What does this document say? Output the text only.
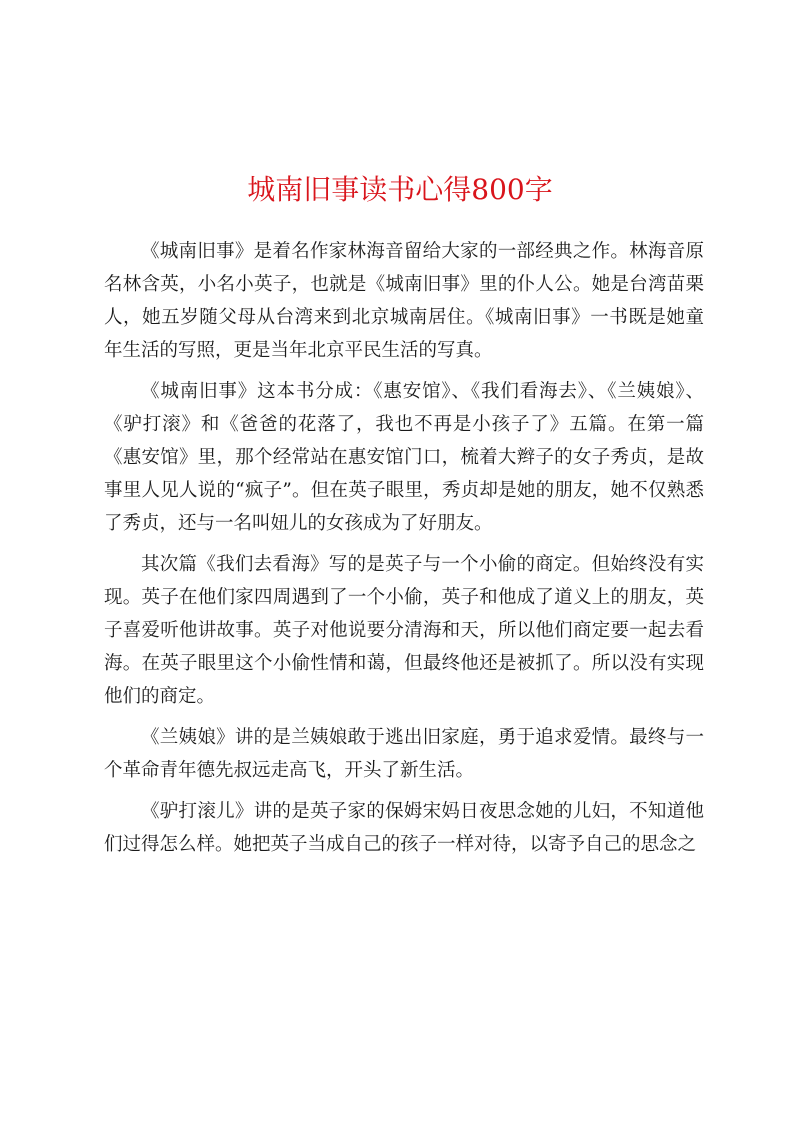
城南旧事读书心得800字

《城南旧事》是着名作家林海音留给大家的一部经典之作。林海音原名林含英，小名小英子，也就是《城南旧事》里的仆人公。她是台湾苗栗人，她五岁随父母从台湾来到北京城南居住。《城南旧事》一书既是她童年生活的写照，更是当年北京平民生活的写真。

《城南旧事》这本书分成：《惠安馆》、《我们看海去》、《兰姨娘》、《驴打滚》和《爸爸的花落了，我也不再是小孩子了》五篇。在第一篇《惠安馆》里，那个经常站在惠安馆门口，梳着大辫子的女子秀贞，是故事里人见人说的“疯子”。但在英子眼里，秀贞却是她的朋友，她不仅熟悉了秀贞，还与一名叫妞儿的女孩成为了好朋友。

其次篇《我们去看海》写的是英子与一个小偷的商定。但始终没有实现。英子在他们家四周遇到了一个小偷，英子和他成了道义上的朋友，英子喜爱听他讲故事。英子对他说要分清海和天，所以他们商定要一起去看海。在英子眼里这个小偷性情和蔼，但最终他还是被抓了。所以没有实现他们的商定。

《兰姨娘》讲的是兰姨娘敢于逃出旧家庭，勇于追求爱情。最终与一个革命青年德先叔远走高飞，开头了新生活。

《驴打滚儿》讲的是英子家的保姆宋妈日夜思念她的儿妇，不知道他们过得怎么样。她把英子当成自己的孩子一样对待，以寄予自己的思念之
